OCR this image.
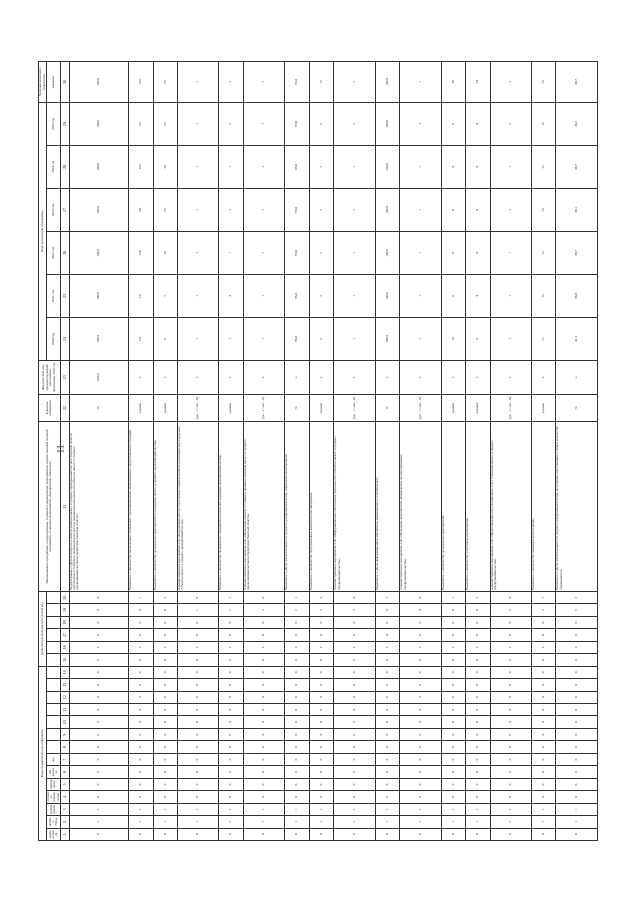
11
Коды бюджетной классификации														Дополнительный аналитический код						Наименование программы, подпрограммы, основного мероприятия, мероприятия, ведомственной целевой программы, основного мероприятия, мероприятия, показателя	Единица измерения	Фактический год, предшествующий реализации программы 2019 год	Годы реализации программы						Значение конечного показателя
администратор	целевая статья	подпрограмма	основное мероприятие	мероприятие	тип расходов	код																	2020 год	2021 год	2022 год	2023 год	2024 год	2025 год	значение
1	2	3	4	5	6	7	8	9	10	11	12	13	14	15	16	17	18	19	20	21	22	23	24	25	26	27	28	29	30
0	1	1	0	0	0	0	0	0	0	0	0	0	0	0	2	0	0	0	0	Подпрограмма 2 «Другие вопросы в области развития малого и среднего предпринимательства в Тверской области, обеспечение устойчивого экономического роста и повышения конкурентоспособности малого и среднего предпринимательства на территории Тверской области»	%	100,0	100,0	100,0	100,0	100,0	100,0	100,0	100,0
0	1	1	0	0	0	0	0	0	0	0	0	0	0	0	2	0	0	0	1	Показатель 1 «Количество заключенных соглашений с муниципальными образованиями о предоставлении субсидий»	единиц	х	151	111	128	141	133	151	133
0	1	1	0	0	0	0	0	0	0	0	0	0	0	0	2	0	0	0	2	Показатель 2 «Количество проведенных мероприятий по поддержке малого и среднего предпринимательства»	единиц	х	9	7	16	25	28	25	25
0	1	1	0	0	0	0	0	0	0	0	0	0	0	0	2	0	0	1	0	Административное мероприятие 2.01 «Координация работы структурных подразделений по реализации мер поддержки субъектов малого и среднего предпринимательства»	(да - 1 / нет - 0)	х	1	1	1	1	1	1	1
0	1	1	0	0	0	0	0	0	0	0	0	0	0	0	2	0	0	1	1	Показатель 1 «Количество проведенных совещаний по вопросам поддержки предпринимательства»	единиц	х	1	3	1	1	1	1	1
0	1	1	0	0	0	0	0	0	0	0	0	0	0	0	2	0	0	2	0	Административное мероприятие 2.02 «Проведение анализа состояния и динамики развития малого и среднего предпринимательства на территории Тверской области»	(да - 1 / нет - 0)	х	1	1	1	1	1	1	1
0	1	1	0	0	0	0	0	0	0	0	0	0	0	0	2	0	0	2	1	Показатель 1 «Доля субъектов малого и среднего предпринимательства, охваченных мониторингом»	%	х	95,0	95,0	95,0	95,0	95,0	95,0	95,0
0	1	1	0	0	0	0	0	0	0	0	0	0	0	0	2	0	0	2	2	Показатель 2 «Количество подготовленных аналитических материалов»	единиц	х	2	2	2	2	2	2	12
0	1	1	0	0	0	0	0	0	0	0	0	0	0	0	2	0	0	3	0	Административное мероприятие 2.03 «Информационное обеспечение деятельности субъектов малого и среднего предпринимательства»	(да - 1 / нет - 0)	х	1	1	1	1	1	1	1
0	1	1	0	0	0	0	0	0	0	0	0	0	0	0	2	0	0	3	1	Показатель 1 «Доля информационных материалов, размещенных в сети Интернет»	%	х	100,0	100,0	100,0	100,0	100,0	100,0	100,0
0	1	1	0	0	0	0	0	0	0	0	0	0	0	0	2	0	0	4	0	Административное мероприятие 2.04 «Проведение мероприятий, направленных на популяризацию предпринимательства»	(да - 1 / нет - 0)	х	1	1	1	1	1	1	1
0	1	1	0	0	0	0	0	0	0	0	0	0	0	0	2	0	0	4	1	Показатель 1 «Количество проведенных мероприятий»	единиц	х	10	6	8	6	4	6	30
0	1	1	0	0	0	0	0	0	0	0	0	0	0	0	2	0	0	4	2	Показатель 2 «Количество участников мероприятий»	человек	х	4	4	4	4	4	4	24
0	1	1	0	0	0	0	0	0	0	0	0	0	0	0	2	0	0	5	0	Административное мероприятие 2.05 «Предоставление консультационных услуг субъектам малого и среднего предпринимательства»	(да - 1 / нет - 0)	х	1	1	1	1	1	1	1
0	1	1	0	0	0	0	0	0	0	0	0	0	0	0	2	0	0	5	1	Показатель 1 «Количество оказанных консультаций»	единиц	х	71	72	72	72	72	72	72
0	1	1	0	0	0	0	0	0	0	0	0	0	0	0	2	0	0	5	2	Показатель 2 «Доля субъектов малого и среднего предпринимательства, получивших консультации, в общем количестве обратившихся»	%	х	41,5	36,8	36,7	38,1	38,7	38,7	38,7
